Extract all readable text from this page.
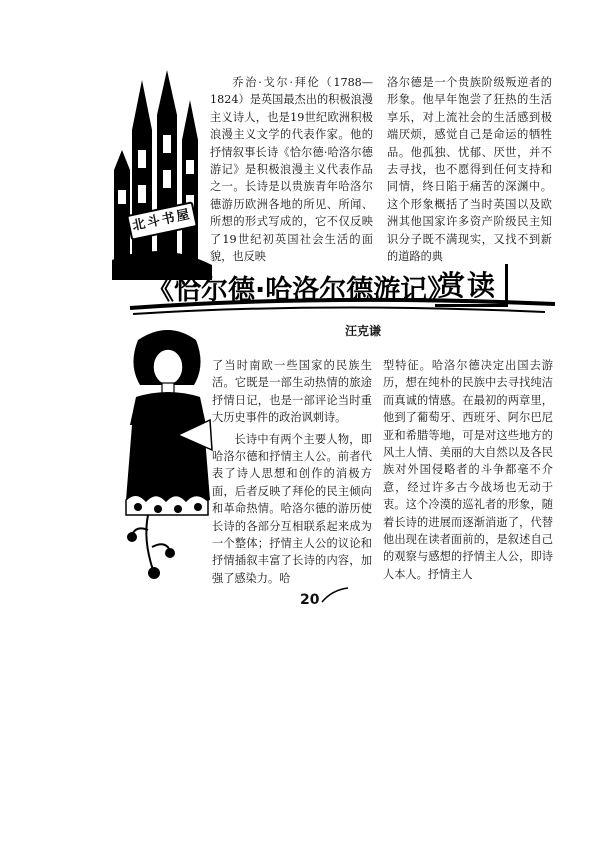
北斗书屋

乔治·戈尔·拜伦（1788—1824）是英国最杰出的积极浪漫主义诗人，也是19世纪欧洲积极浪漫主义文学的代表作家。他的抒情叙事长诗《恰尔德·哈洛尔德游记》是积极浪漫主义代表作品之一。长诗是以贵族青年哈洛尔德游历欧洲各地的所见、所闻、所想的形式写成的，它不仅反映了19世纪初英国社会生活的面貌，也反映

洛尔德是一个贵族阶级叛逆者的形象。他早年饱尝了狂热的生活享乐，对上流社会的生活感到极端厌烦，感觉自己是命运的牺牲品。他孤独、忧郁、厌世，并不去寻找，也不愿得到任何支持和同情，终日陷于痛苦的深渊中。这个形象概括了当时英国以及欧洲其他国家许多资产阶级民主知识分子既不满现实，又找不到新的道路的典

《恰尔德·哈洛尔德游记》
赏读
汪克谦

了当时南欧一些国家的民族生活。它既是一部生动热情的旅途抒情日记，也是一部评论当时重大历史事件的政治讽刺诗。

长诗中有两个主要人物，即哈洛尔德和抒情主人公。前者代表了诗人思想和创作的消极方面，后者反映了拜伦的民主倾向和革命热情。哈洛尔德的游历使长诗的各部分互相联系起来成为一个整体；抒情主人公的议论和抒情插叙丰富了长诗的内容，加强了感染力。哈

型特征。哈洛尔德决定出国去游历，想在纯朴的民族中去寻找纯洁而真诚的情感。在最初的两章里，他到了葡萄牙、西班牙、阿尔巴尼亚和希腊等地，可是对这些地方的风土人情、美丽的大自然以及各民族对外国侵略者的斗争都毫不介意，经过许多古今战场也无动于衷。这个冷漠的巡礼者的形象，随着长诗的进展而逐渐消逝了，代替他出现在读者面前的，是叙述自己的观察与感想的抒情主人公，即诗人本人。抒情主人

20
